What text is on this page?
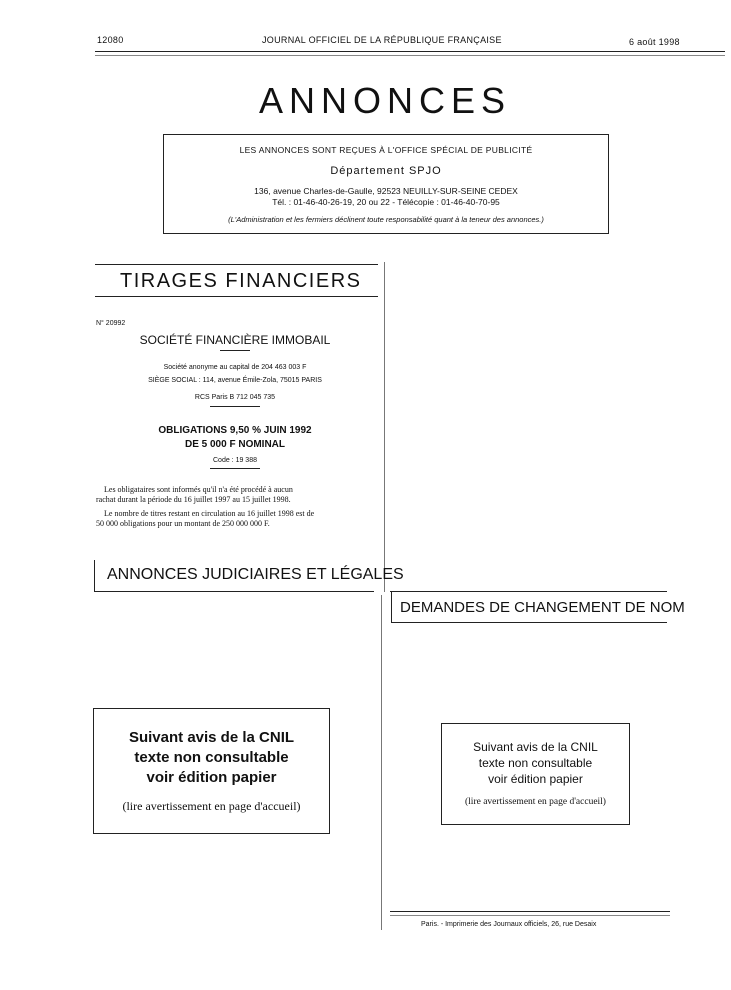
12080	JOURNAL OFFICIEL DE LA RÉPUBLIQUE FRANÇAISE	6 août 1998
ANNONCES
LES ANNONCES SONT REÇUES À L'OFFICE SPÉCIAL DE PUBLICITÉ
Département SPJO
136, avenue Charles-de-Gaulle, 92523 NEUILLY-SUR-SEINE CEDEX
Tél. : 01-46-40-26-19, 20 ou 22 - Télécopie : 01-46-40-70-95
(L'Administration et les fermiers déclinent toute responsabilité quant à la teneur des annonces.)
TIRAGES FINANCIERS
N° 20992
SOCIÉTÉ FINANCIÈRE IMMOBAIL
Société anonyme au capital de 204 463 003 F
SIÈGE SOCIAL : 114, avenue Émile-Zola, 75015 PARIS
RCS Paris B 712 045 735
OBLIGATIONS 9,50 % JUIN 1992
DE 5 000 F NOMINAL
Code : 19 388
Les obligataires sont informés qu'il n'a été procédé à aucun
rachat durant la période du 16 juillet 1997 au 15 juillet 1998.
Le nombre de titres restant en circulation au 16 juillet 1998 est de
50 000 obligations pour un montant de 250 000 000 F.
ANNONCES JUDICIAIRES ET LÉGALES
DEMANDES DE CHANGEMENT DE NOM
Suivant avis de la CNIL
texte non consultable
voir édition papier
(lire avertissement en page d'accueil)
Suivant avis de la CNIL
texte non consultable
voir édition papier
(lire avertissement en page d'accueil)
Paris. - Imprimerie des Journaux officiels, 26, rue Desaix
